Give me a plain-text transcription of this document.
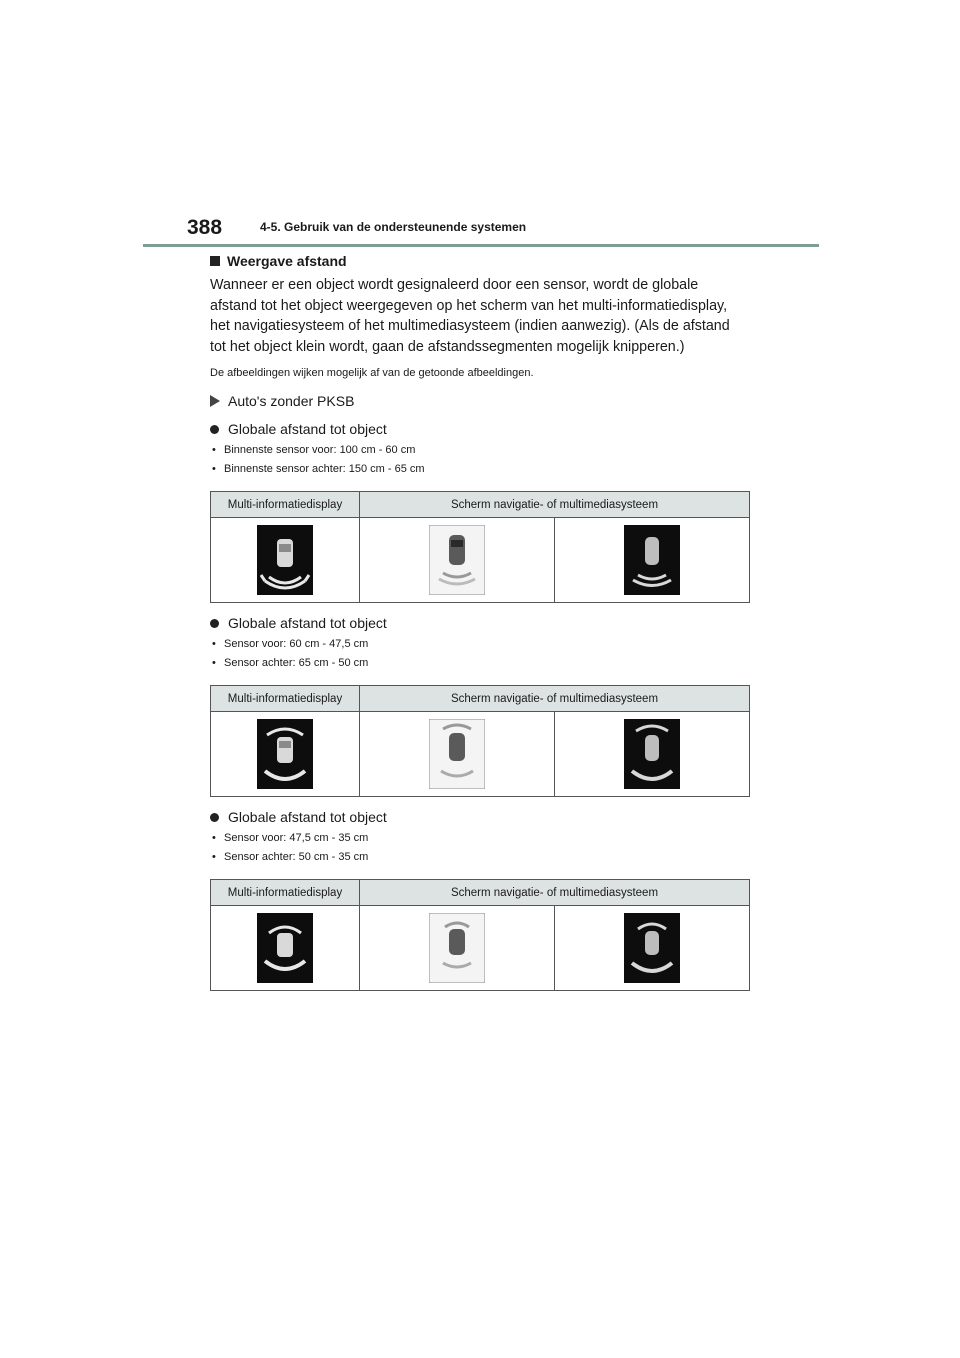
388	4-5. Gebruik van de ondersteunende systemen
Weergave afstand

Wanneer er een object wordt gesignaleerd door een sensor, wordt de globale
afstand tot het object weergegeven op het scherm van het multi-informatiedisplay,
het navigatiesysteem of het multimediasysteem (indien aanwezig). (Als de afstand
tot het object klein wordt, gaan de afstandssegmenten mogelijk knipperen.)

De afbeeldingen wijken mogelijk af van de getoonde afbeeldingen.

Auto's zonder PKSB
Globale afstand tot object
• Binnenste sensor voor: 100 cm - 60 cm
• Binnenste sensor achter: 150 cm - 65 cm
Multi-informatiedisplay	Scherm navigatie- of multimediasysteem	

Globale afstand tot object
• Sensor voor: 60 cm - 47,5 cm
• Sensor achter: 65 cm - 50 cm
Multi-informatiedisplay	Scherm navigatie- of multimediasysteem	

Globale afstand tot object
• Sensor voor: 47,5 cm - 35 cm
• Sensor achter: 50 cm - 35 cm
Multi-informatiedisplay	Scherm navigatie- of multimediasysteem	
